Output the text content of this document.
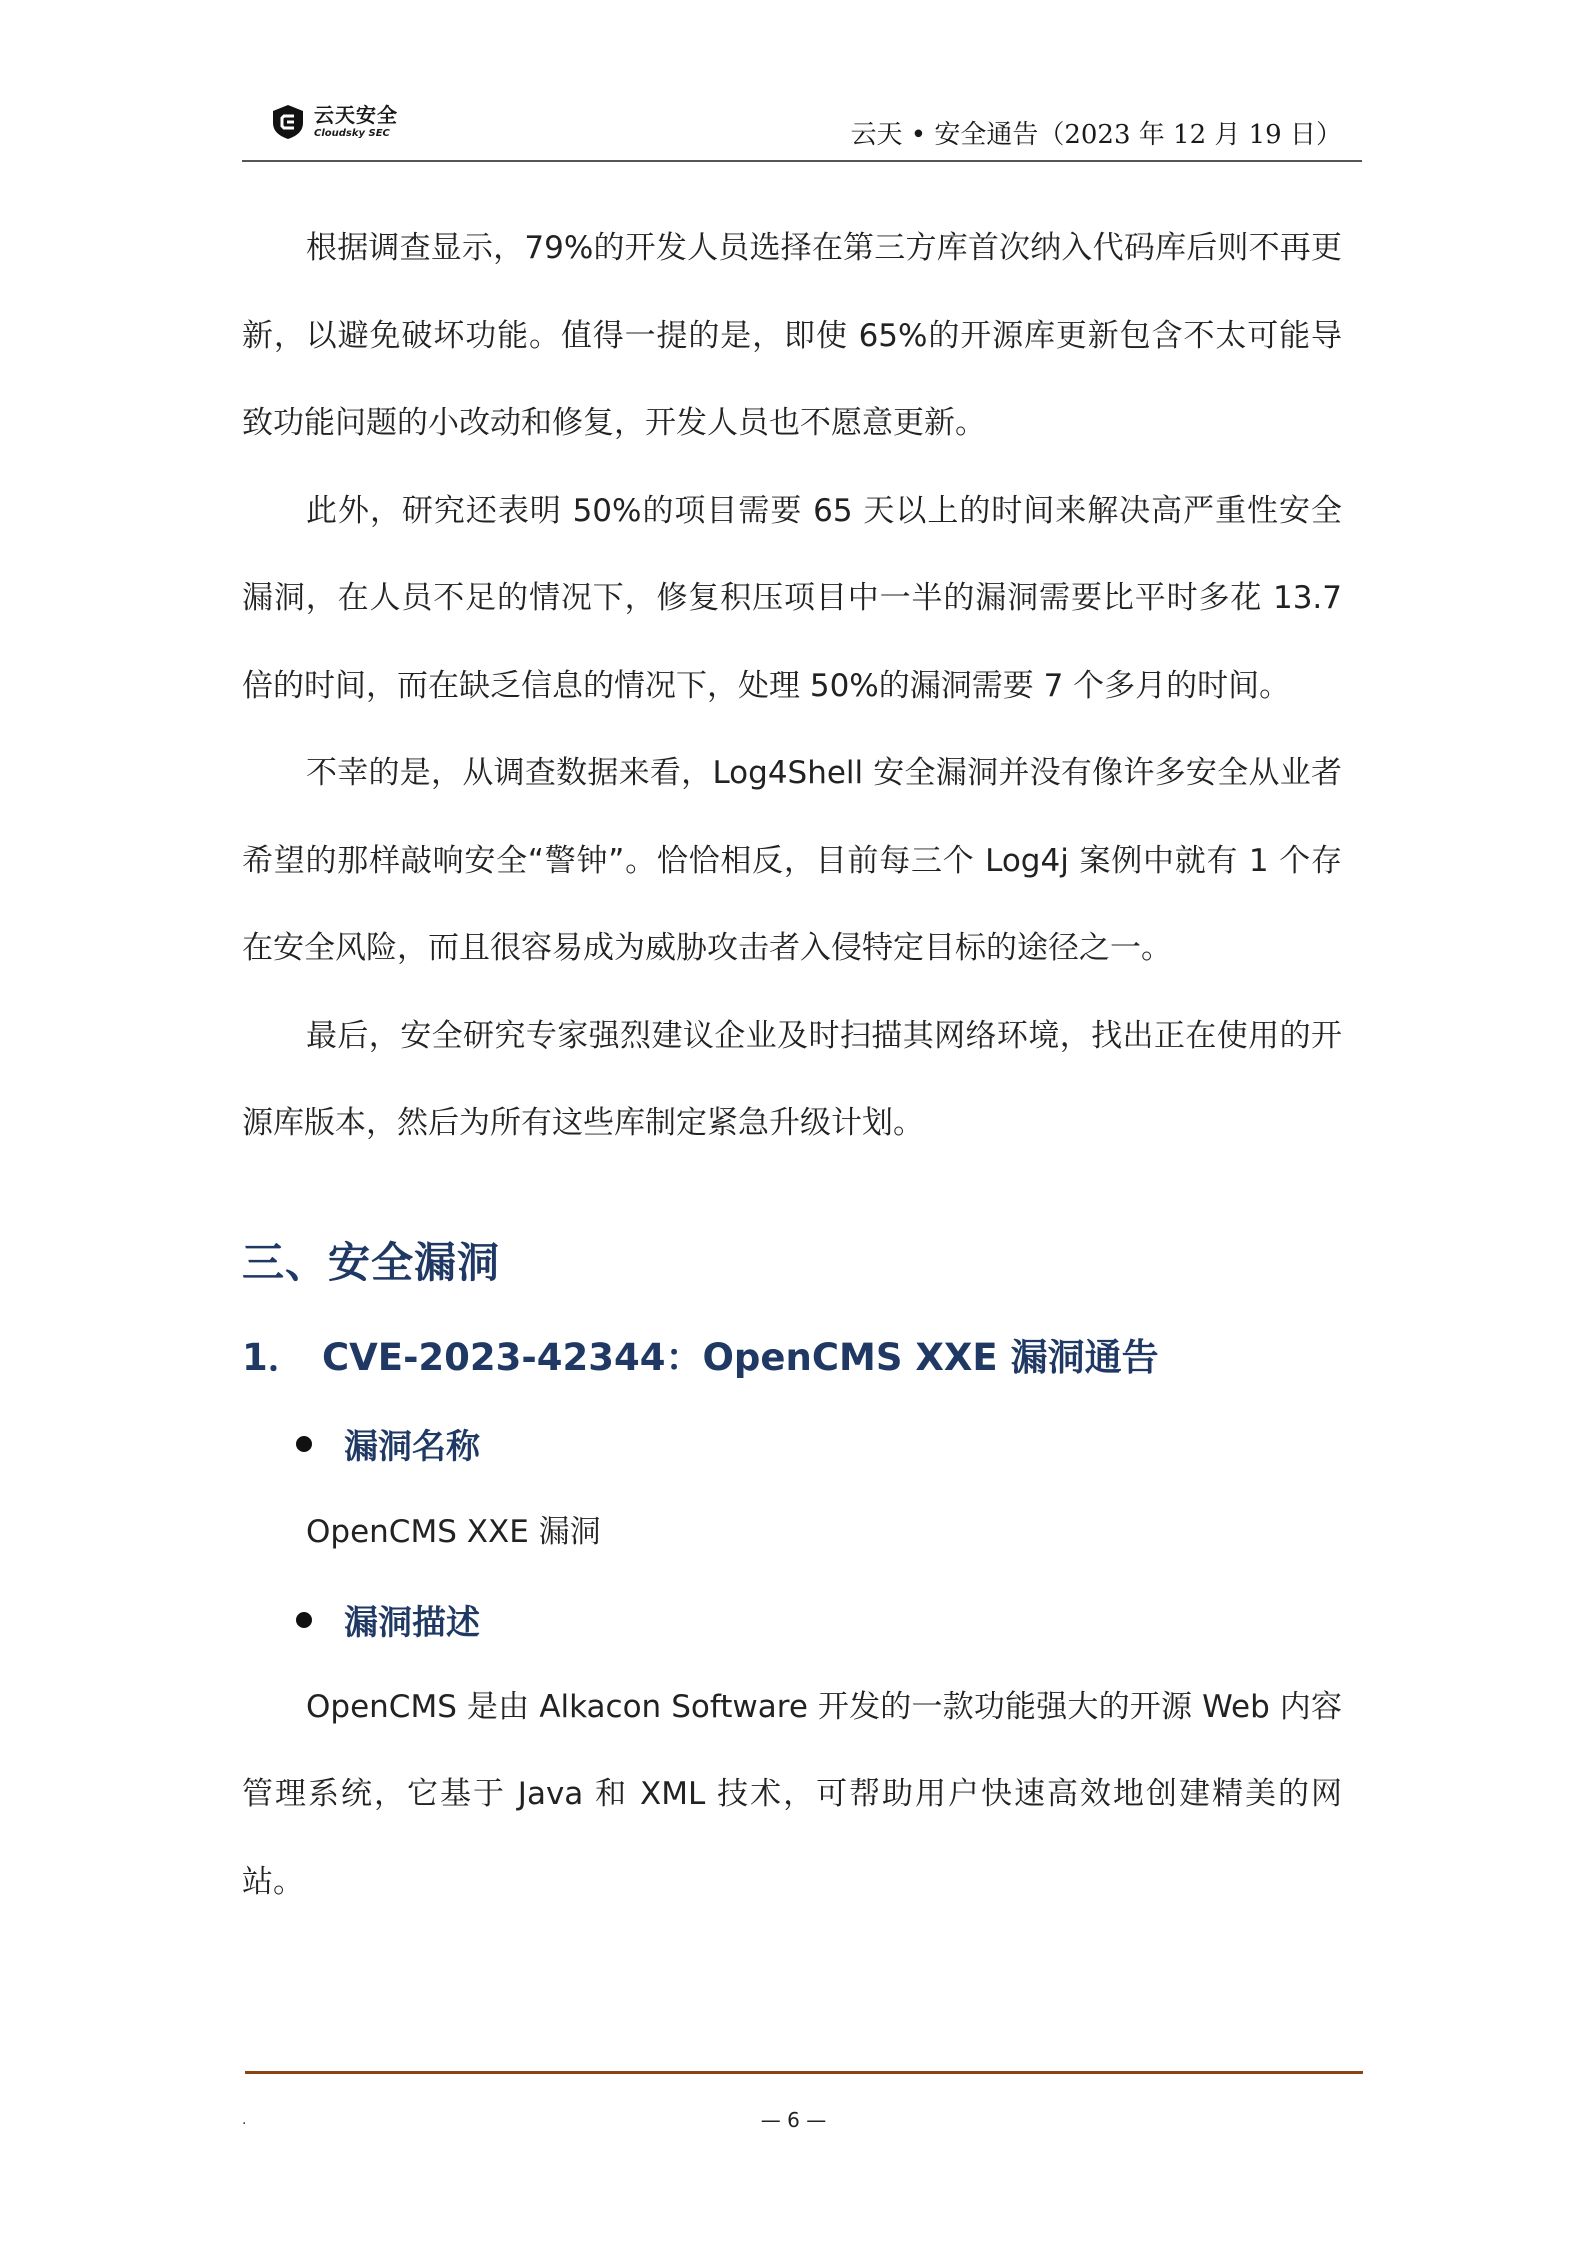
云天安全
Cloudsky SEC	云天 • 安全通告（2023 年 12 月 19 日）

根据调查显示，79%的开发人员选择在第三方库首次纳入代码库后则不再更新，以避免破坏功能。值得一提的是，即使 65%的开源库更新包含不太可能导致功能问题的小改动和修复，开发人员也不愿意更新。

此外，研究还表明 50%的项目需要 65 天以上的时间来解决高严重性安全漏洞，在人员不足的情况下，修复积压项目中一半的漏洞需要比平时多花 13.7 倍的时间，而在缺乏信息的情况下，处理 50%的漏洞需要 7 个多月的时间。

不幸的是，从调查数据来看，Log4Shell 安全漏洞并没有像许多安全从业者希望的那样敲响安全“警钟”。恰恰相反，目前每三个 Log4j 案例中就有 1 个存在安全风险，而且很容易成为威胁攻击者入侵特定目标的途径之一。

最后，安全研究专家强烈建议企业及时扫描其网络环境，找出正在使用的开源库版本，然后为所有这些库制定紧急升级计划。

三、安全漏洞
1． CVE-2023-42344：OpenCMS XXE 漏洞通告
漏洞名称

OpenCMS XXE 漏洞

漏洞描述

OpenCMS 是由 Alkacon Software 开发的一款功能强大的开源 Web 内容管理系统，它基于 Java 和 XML 技术，可帮助用户快速高效地创建精美的网站。

.	— 6 —
